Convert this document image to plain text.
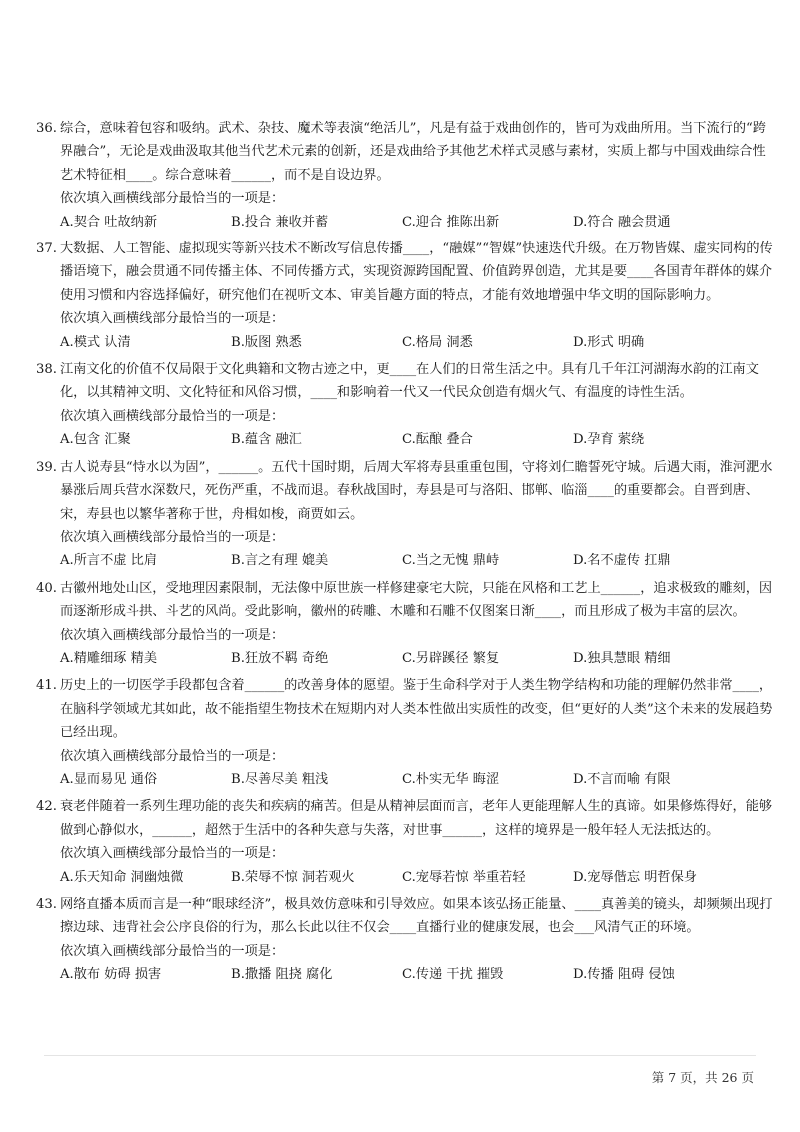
36. 综合，意味着包容和吸纳。武术、杂技、魔术等表演“绝活儿”，凡是有益于戏曲创作的，皆可为戏曲所用。当下流行的“跨界融合”，无论是戏曲汲取其他当代艺术元素的创新，还是戏曲给予其他艺术样式灵感与素材，实质上都与中国戏曲综合性艺术特征相____。综合意味着______，而不是自设边界。
依次填入画横线部分最恰当的一项是：
A.契合 吐故纳新	B.投合 兼收并蓄	C.迎合 推陈出新	D.符合 融会贯通
37. 大数据、人工智能、虚拟现实等新兴技术不断改写信息传播____，“融媒”“智媒”快速迭代升级。在万物皆媒、虚实同构的传播语境下，融会贯通不同传播主体、不同传播方式，实现资源跨国配置、价值跨界创造，尤其是要____各国青年群体的媒介使用习惯和内容选择偏好，研究他们在视听文本、审美旨趣方面的特点，才能有效地增强中华文明的国际影响力。
依次填入画横线部分最恰当的一项是：
A.模式 认清	B.版图 熟悉	C.格局 洞悉	D.形式 明确
38. 江南文化的价值不仅局限于文化典籍和文物古迹之中，更____在人们的日常生活之中。具有几千年江河湖海水韵的江南文化，以其精神文明、文化特征和风俗习惯，____和影响着一代又一代民众创造有烟火气、有温度的诗性生活。
依次填入画横线部分最恰当的一项是：
A.包含 汇聚	B.蕴含 融汇	C.酝酿 叠合	D.孕育 萦绕
39. 古人说寿县“恃水以为固”，______。五代十国时期，后周大军将寿县重重包围，守将刘仁瞻誓死守城。后遇大雨，淮河淝水暴涨后周兵营水深数尺，死伤严重，不战而退。春秋战国时，寿县是可与洛阳、邯郸、临淄____的重要都会。自晋到唐、宋，寿县也以繁华著称于世，舟楫如梭，商贾如云。
依次填入画横线部分最恰当的一项是：
A.所言不虚 比肩	B.言之有理 媲美	C.当之无愧 鼎峙	D.名不虚传 扛鼎
40. 古徽州地处山区，受地理因素限制，无法像中原世族一样修建豪宅大院，只能在风格和工艺上______，追求极致的雕刻，因而逐渐形成斗拱、斗艺的风尚。受此影响，徽州的砖雕、木雕和石雕不仅图案日渐____，而且形成了极为丰富的层次。
依次填入画横线部分最恰当的一项是：
A.精雕细琢 精美	B.狂放不羁 奇绝	C.另辟蹊径 繁复	D.独具慧眼 精细
41. 历史上的一切医学手段都包含着______的改善身体的愿望。鉴于生命科学对于人类生物学结构和功能的理解仍然非常____，在脑科学领域尤其如此，故不能指望生物技术在短期内对人类本性做出实质性的改变，但“更好的人类”这个未来的发展趋势已经出现。
依次填入画横线部分最恰当的一项是：
A.显而易见 通俗	B.尽善尽美 粗浅	C.朴实无华 晦涩	D.不言而喻 有限
42. 衰老伴随着一系列生理功能的丧失和疾病的痛苦。但是从精神层面而言，老年人更能理解人生的真谛。如果修炼得好，能够做到心静似水，______，超然于生活中的各种失意与失落，对世事______，这样的境界是一般年轻人无法抵达的。
依次填入画横线部分最恰当的一项是：
A.乐天知命 洞幽烛微	B.荣辱不惊 洞若观火	C.宠辱若惊 举重若轻	D.宠辱偕忘 明哲保身
43. 网络直播本质而言是一种“眼球经济”，极具效仿意味和引导效应。如果本该弘扬正能量、____真善美的镜头，却频频出现打擦边球、违背社会公序良俗的行为，那么长此以往不仅会____直播行业的健康发展，也会___风清气正的环境。
依次填入画横线部分最恰当的一项是：
A.散布 妨碍 损害	B.撒播 阻挠 腐化	C.传递 干扰 摧毁	D.传播 阻碍 侵蚀
第 7 页，共 26 页
